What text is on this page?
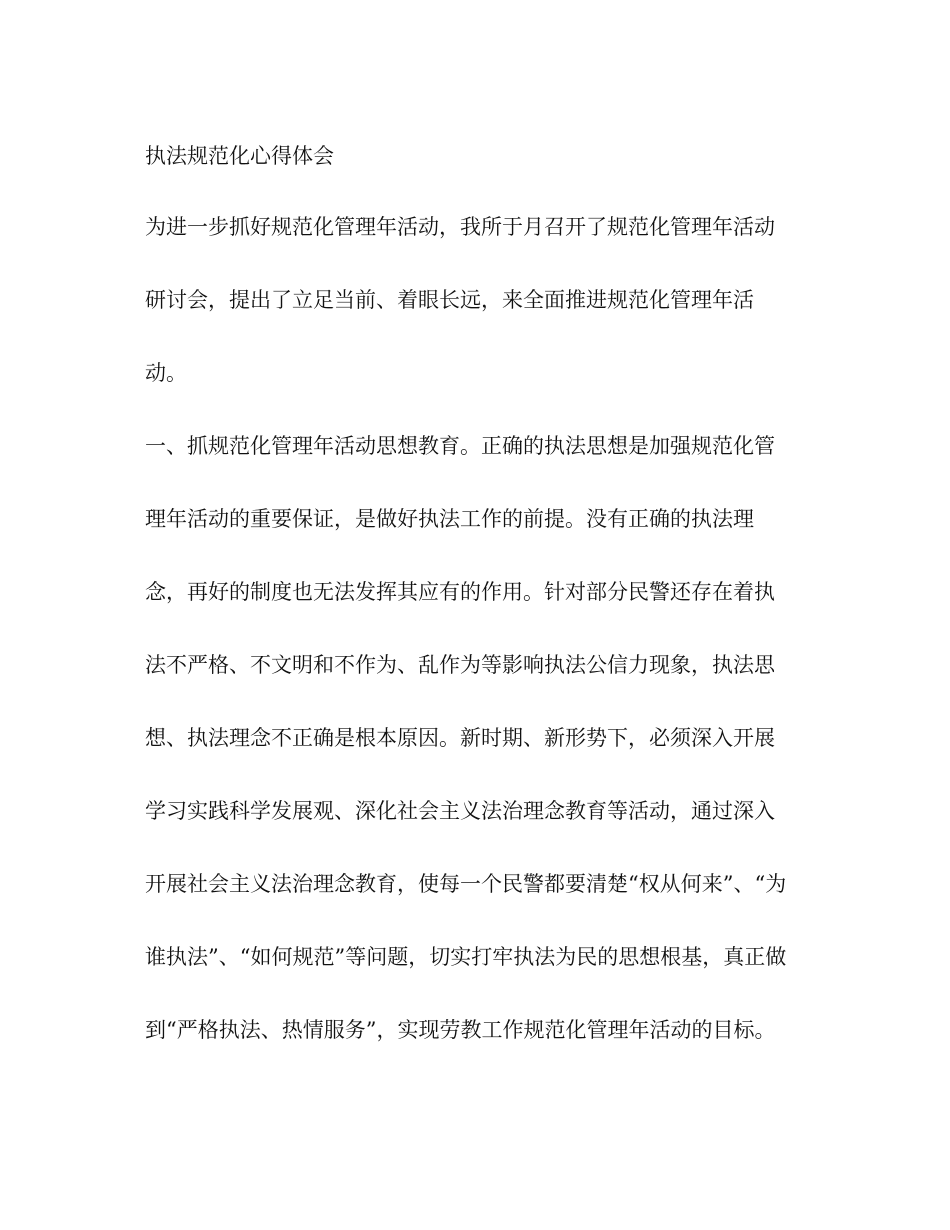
执法规范化心得体会
为进一步抓好规范化管理年活动，我所于月召开了规范化管理年活动
研讨会，提出了立足当前、着眼长远，来全面推进规范化管理年活
动。
一、抓规范化管理年活动思想教育。正确的执法思想是加强规范化管
理年活动的重要保证，是做好执法工作的前提。没有正确的执法理
念，再好的制度也无法发挥其应有的作用。针对部分民警还存在着执
法不严格、不文明和不作为、乱作为等影响执法公信力现象，执法思
想、执法理念不正确是根本原因。新时期、新形势下，必须深入开展
学习实践科学发展观、深化社会主义法治理念教育等活动，通过深入
开展社会主义法治理念教育，使每一个民警都要清楚“权从何来”、“为
谁执法”、“如何规范”等问题，切实打牢执法为民的思想根基，真正做
到“严格执法、热情服务”，实现劳教工作规范化管理年活动的目标。
